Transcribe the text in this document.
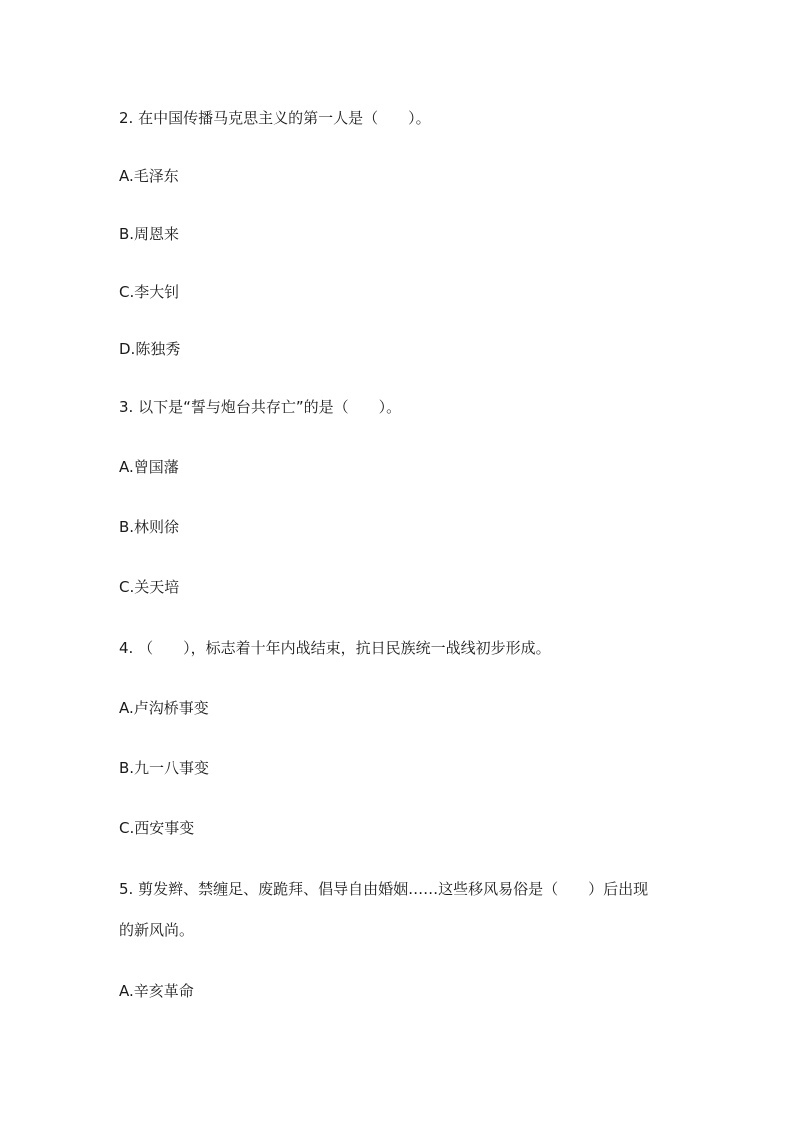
2. 在中国传播马克思主义的第一人是（　　）。
A.毛泽东
B.周恩来
C.李大钊
D.陈独秀
3. 以下是“誓与炮台共存亡”的是（　　）。
A.曾国藩
B.林则徐
C.关天培
4. （　　），标志着十年内战结束，抗日民族统一战线初步形成。
A.卢沟桥事变
B.九一八事变
C.西安事变
5. 剪发辫、禁缠足、废跪拜、倡导自由婚姻……这些移风易俗是（　　）后出现
的新风尚。
A.辛亥革命
